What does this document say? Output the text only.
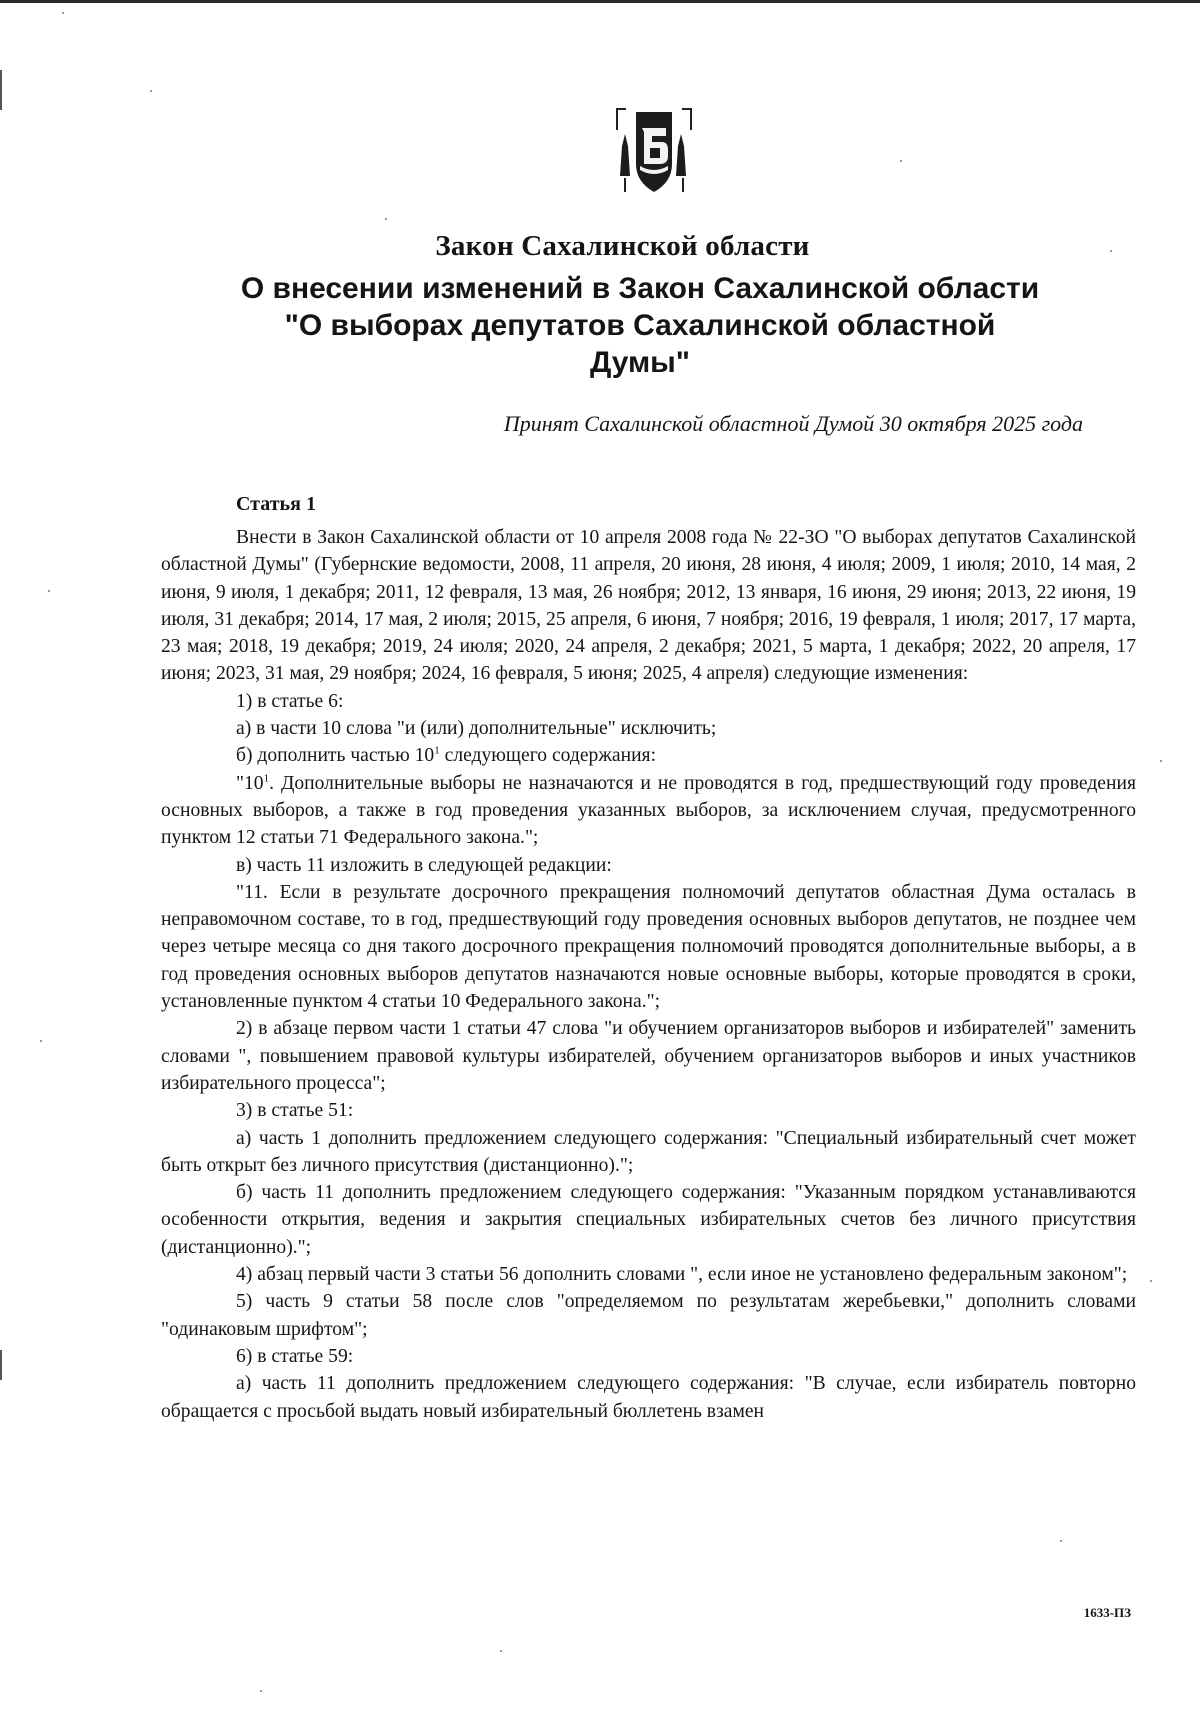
Закон Сахалинской области
О внесении изменений в Закон Сахалинской области "О выборах депутатов Сахалинской областной Думы"
Принят Сахалинской областной Думой 30 октября 2025 года
Статья 1

Внести в Закон Сахалинской области от 10 апреля 2008 года № 22-ЗО "О выборах депутатов Сахалинской областной Думы" (Губернские ведомости, 2008, 11 апреля, 20 июня, 28 июня, 4 июля; 2009, 1 июля; 2010, 14 мая, 2 июня, 9 июля, 1 декабря; 2011, 12 февраля, 13 мая, 26 ноября; 2012, 13 января, 16 июня, 29 июня; 2013, 22 июня, 19 июля, 31 декабря; 2014, 17 мая, 2 июля; 2015, 25 апреля, 6 июня, 7 ноября; 2016, 19 февраля, 1 июля; 2017, 17 марта, 23 мая; 2018, 19 декабря; 2019, 24 июля; 2020, 24 апреля, 2 декабря; 2021, 5 марта, 1 декабря; 2022, 20 апреля, 17 июня; 2023, 31 мая, 29 ноября; 2024, 16 февраля, 5 июня; 2025, 4 апреля) следующие изменения:

1) в статье 6:

а) в части 10 слова "и (или) дополнительные" исключить;

б) дополнить частью $10^1$ следующего содержания:

"$10^1$. Дополнительные выборы не назначаются и не проводятся в год, предшествующий году проведения основных выборов, а также в год проведения указанных выборов, за исключением случая, предусмотренного пунктом 12 статьи 71 Федерального закона.";

в) часть 11 изложить в следующей редакции:

"11. Если в результате досрочного прекращения полномочий депутатов областная Дума осталась в неправомочном составе, то в год, предшествующий году проведения основных выборов депутатов, не позднее чем через четыре месяца со дня такого досрочного прекращения полномочий проводятся дополнительные выборы, а в год проведения основных выборов депутатов назначаются новые основные выборы, которые проводятся в сроки, установленные пунктом 4 статьи 10 Федерального закона.";

2) в абзаце первом части 1 статьи 47 слова "и обучением организаторов выборов и избирателей" заменить словами ", повышением правовой культуры избирателей, обучением организаторов выборов и иных участников избирательного процесса";

3) в статье 51:

а) часть 1 дополнить предложением следующего содержания: "Специальный избирательный счет может быть открыт без личного присутствия (дистанционно).";

б) часть 11 дополнить предложением следующего содержания: "Указанным порядком устанавливаются особенности открытия, ведения и закрытия специальных избирательных счетов без личного присутствия (дистанционно).";

4) абзац первый части 3 статьи 56 дополнить словами ", если иное не установлено федеральным законом";

5) часть 9 статьи 58 после слов "определяемом по результатам жеребьевки," дополнить словами "одинаковым шрифтом";

6) в статье 59:

а) часть 11 дополнить предложением следующего содержания: "В случае, если избиратель повторно обращается с просьбой выдать новый избирательный бюллетень взамен

1633-ПЗ
